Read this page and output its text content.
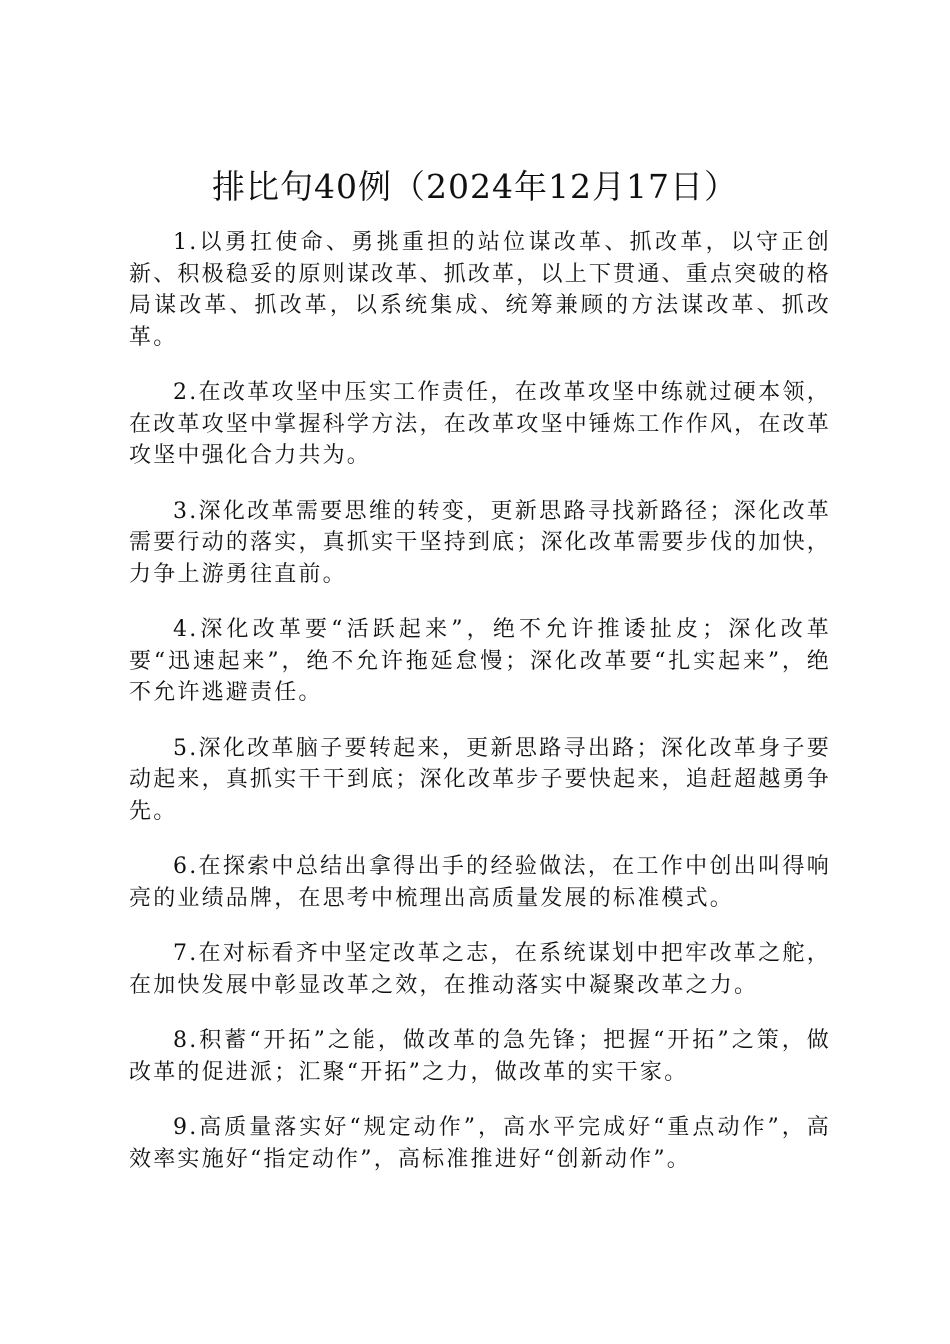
排比句40例（2024年12月17日）

1.以勇扛使命、勇挑重担的站位谋改革、抓改革，以守正创新、积极稳妥的原则谋改革、抓改革，以上下贯通、重点突破的格局谋改革、抓改革，以系统集成、统筹兼顾的方法谋改革、抓改革。

2.在改革攻坚中压实工作责任，在改革攻坚中练就过硬本领，在改革攻坚中掌握科学方法，在改革攻坚中锤炼工作作风，在改革攻坚中强化合力共为。

3.深化改革需要思维的转变，更新思路寻找新路径；深化改革需要行动的落实，真抓实干坚持到底；深化改革需要步伐的加快，力争上游勇往直前。

4.深化改革要“活跃起来”，绝不允许推诿扯皮；深化改革要“迅速起来”，绝不允许拖延怠慢；深化改革要“扎实起来”，绝不允许逃避责任。

5.深化改革脑子要转起来，更新思路寻出路；深化改革身子要动起来，真抓实干干到底；深化改革步子要快起来，追赶超越勇争先。

6.在探索中总结出拿得出手的经验做法，在工作中创出叫得响亮的业绩品牌，在思考中梳理出高质量发展的标准模式。

7.在对标看齐中坚定改革之志，在系统谋划中把牢改革之舵，在加快发展中彰显改革之效，在推动落实中凝聚改革之力。

8.积蓄“开拓”之能，做改革的急先锋；把握“开拓”之策，做改革的促进派；汇聚“开拓”之力，做改革的实干家。

9.高质量落实好“规定动作”，高水平完成好“重点动作”，高效率实施好“指定动作”，高标准推进好“创新动作”。
